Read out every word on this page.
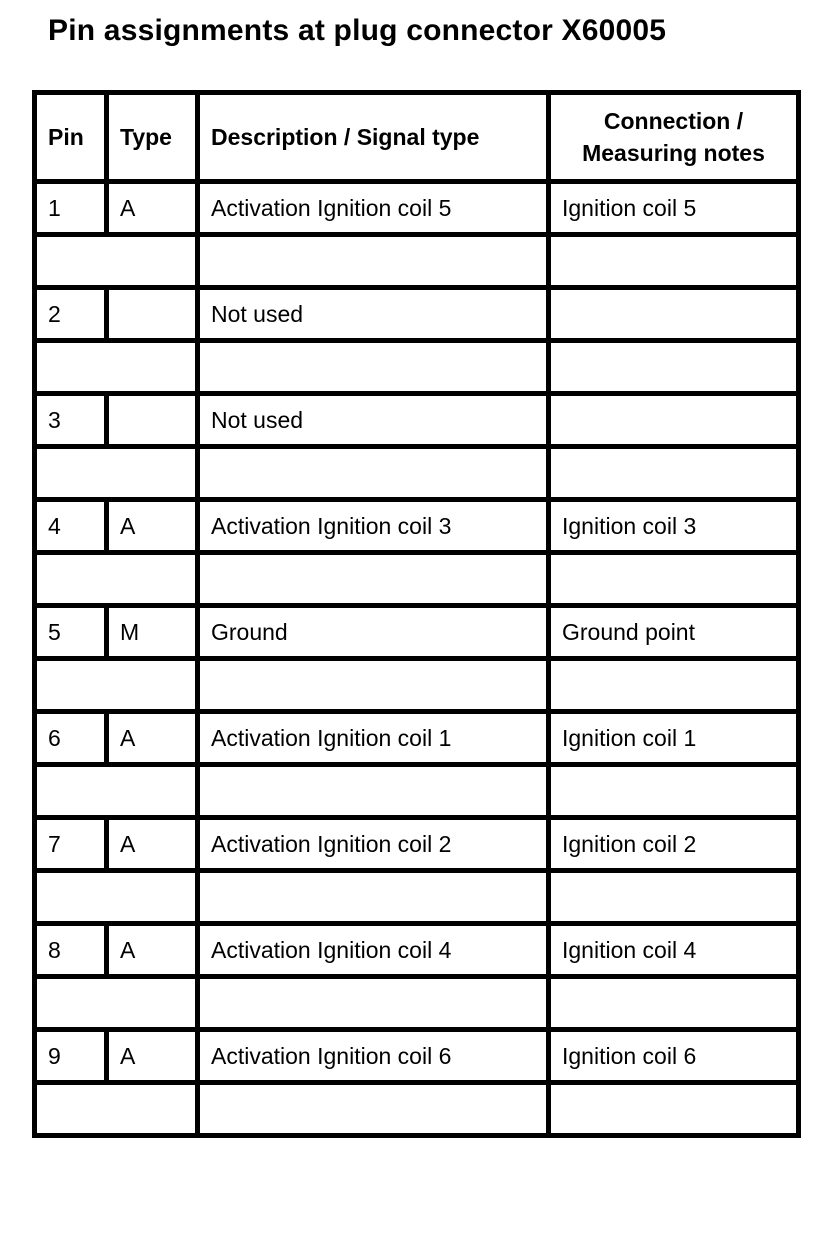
Pin assignments at plug connector X60005
Pin	Type	Description / Signal type	Connection /
Measuring notes

1	A	Activation Ignition coil 5	Ignition coil 5

2		Not used	

3		Not used	

4	A	Activation Ignition coil 3	Ignition coil 3

5	M	Ground	Ground point

6	A	Activation Ignition coil 1	Ignition coil 1

7	A	Activation Ignition coil 2	Ignition coil 2

8	A	Activation Ignition coil 4	Ignition coil 4

9	A	Activation Ignition coil 6	Ignition coil 6
